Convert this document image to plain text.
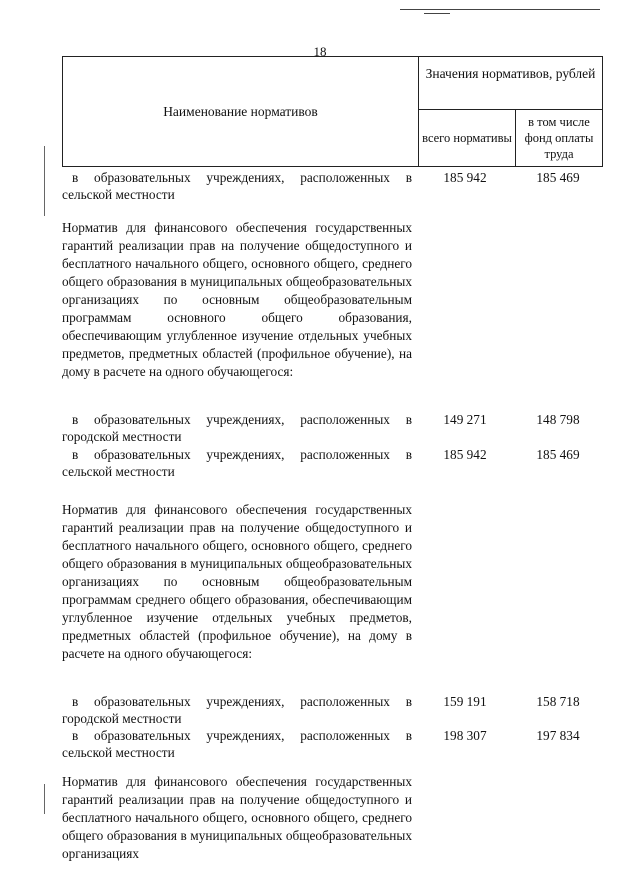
18
Наименование нормативов
Значения нормативов, рублей
всего нормативы
в том числе фонд оплаты труда
в образовательных учреждениях, расположенных в сельской местности
185 942	185 469
Норматив для финансового обеспечения государственных гарантий реализации прав на получение общедоступного и бесплатного начального общего, основного общего, среднего общего образования в муниципальных общеобразовательных организациях по основным общеобразовательным программам основного общего образования, обеспечивающим углубленное изучение отдельных учебных предметов, предметных областей (профильное обучение), на дому в расчете на одного обучающегося:
в образовательных учреждениях, расположенных в городской местности
149 271	148 798
в образовательных учреждениях, расположенных в сельской местности
185 942	185 469
Норматив для финансового обеспечения государственных гарантий реализации прав на получение общедоступного и бесплатного начального общего, основного общего, среднего общего образования в муниципальных общеобразовательных организациях по основным общеобразовательным программам среднего общего образования, обеспечивающим углубленное изучение отдельных учебных предметов, предметных областей (профильное обучение), на дому в расчете на одного обучающегося:
в образовательных учреждениях, расположенных в городской местности
159 191	158 718
в образовательных учреждениях, расположенных в сельской местности
198 307	197 834
Норматив для финансового обеспечения государственных гарантий реализации прав на получение общедоступного и бесплатного начального общего, основного общего, среднего общего образования в муниципальных общеобразовательных организациях
